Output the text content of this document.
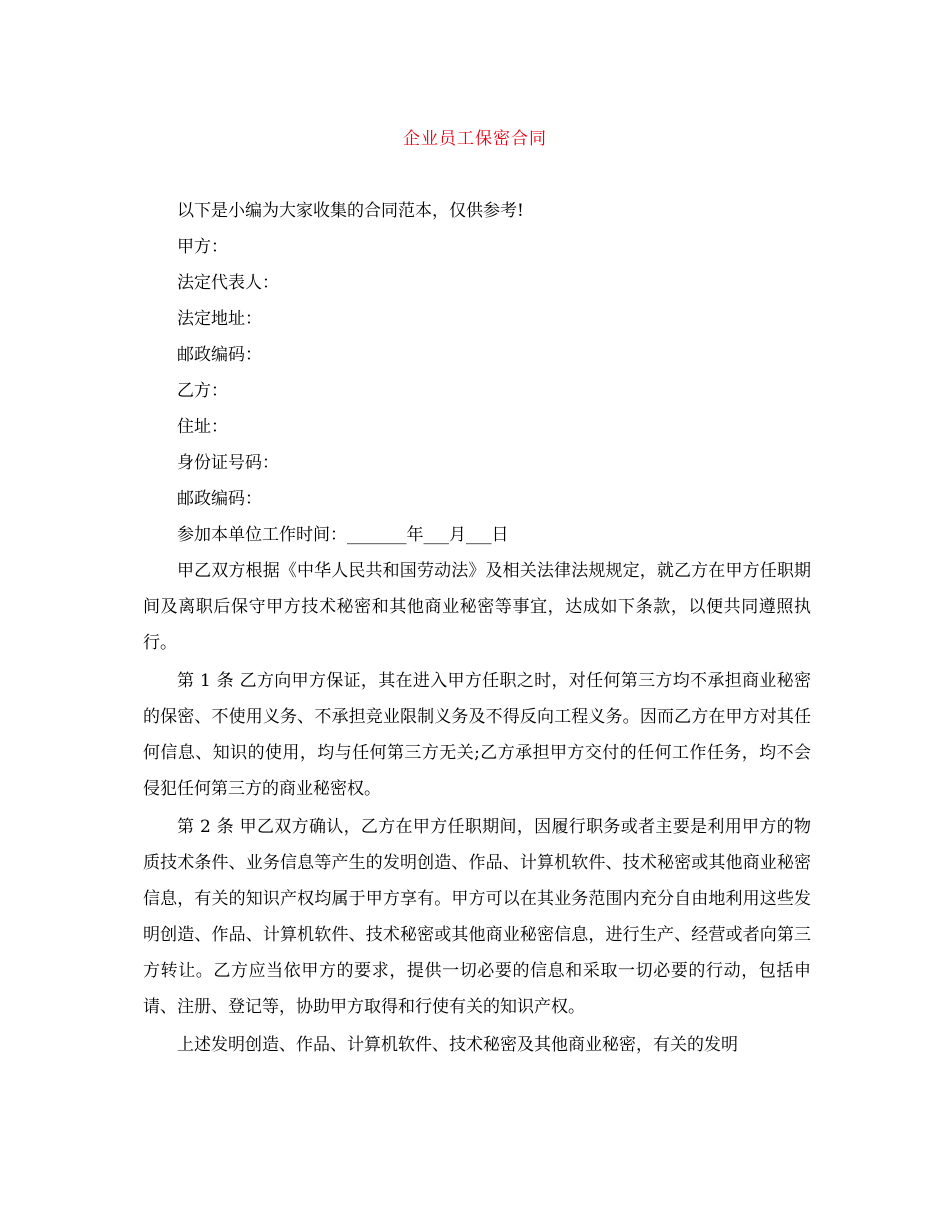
企业员工保密合同

以下是小编为大家收集的合同范本，仅供参考!

甲方：

法定代表人：

法定地址：

邮政编码：

乙方：

住址：

身份证号码：

邮政编码：

参加本单位工作时间：_______年___月___日

甲乙双方根据《中华人民共和国劳动法》及相关法律法规规定，就乙方在甲方任职期间及离职后保守甲方技术秘密和其他商业秘密等事宜，达成如下条款，以便共同遵照执行。

第 1 条 乙方向甲方保证，其在进入甲方任职之时，对任何第三方均不承担商业秘密的保密、不使用义务、不承担竞业限制义务及不得反向工程义务。因而乙方在甲方对其任何信息、知识的使用，均与任何第三方无关;乙方承担甲方交付的任何工作任务，均不会侵犯任何第三方的商业秘密权。

第 2 条 甲乙双方确认，乙方在甲方任职期间，因履行职务或者主要是利用甲方的物质技术条件、业务信息等产生的发明创造、作品、计算机软件、技术秘密或其他商业秘密信息，有关的知识产权均属于甲方享有。甲方可以在其业务范围内充分自由地利用这些发明创造、作品、计算机软件、技术秘密或其他商业秘密信息，进行生产、经营或者向第三方转让。乙方应当依甲方的要求，提供一切必要的信息和采取一切必要的行动，包括申请、注册、登记等，协助甲方取得和行使有关的知识产权。

上述发明创造、作品、计算机软件、技术秘密及其他商业秘密，有关的发明
